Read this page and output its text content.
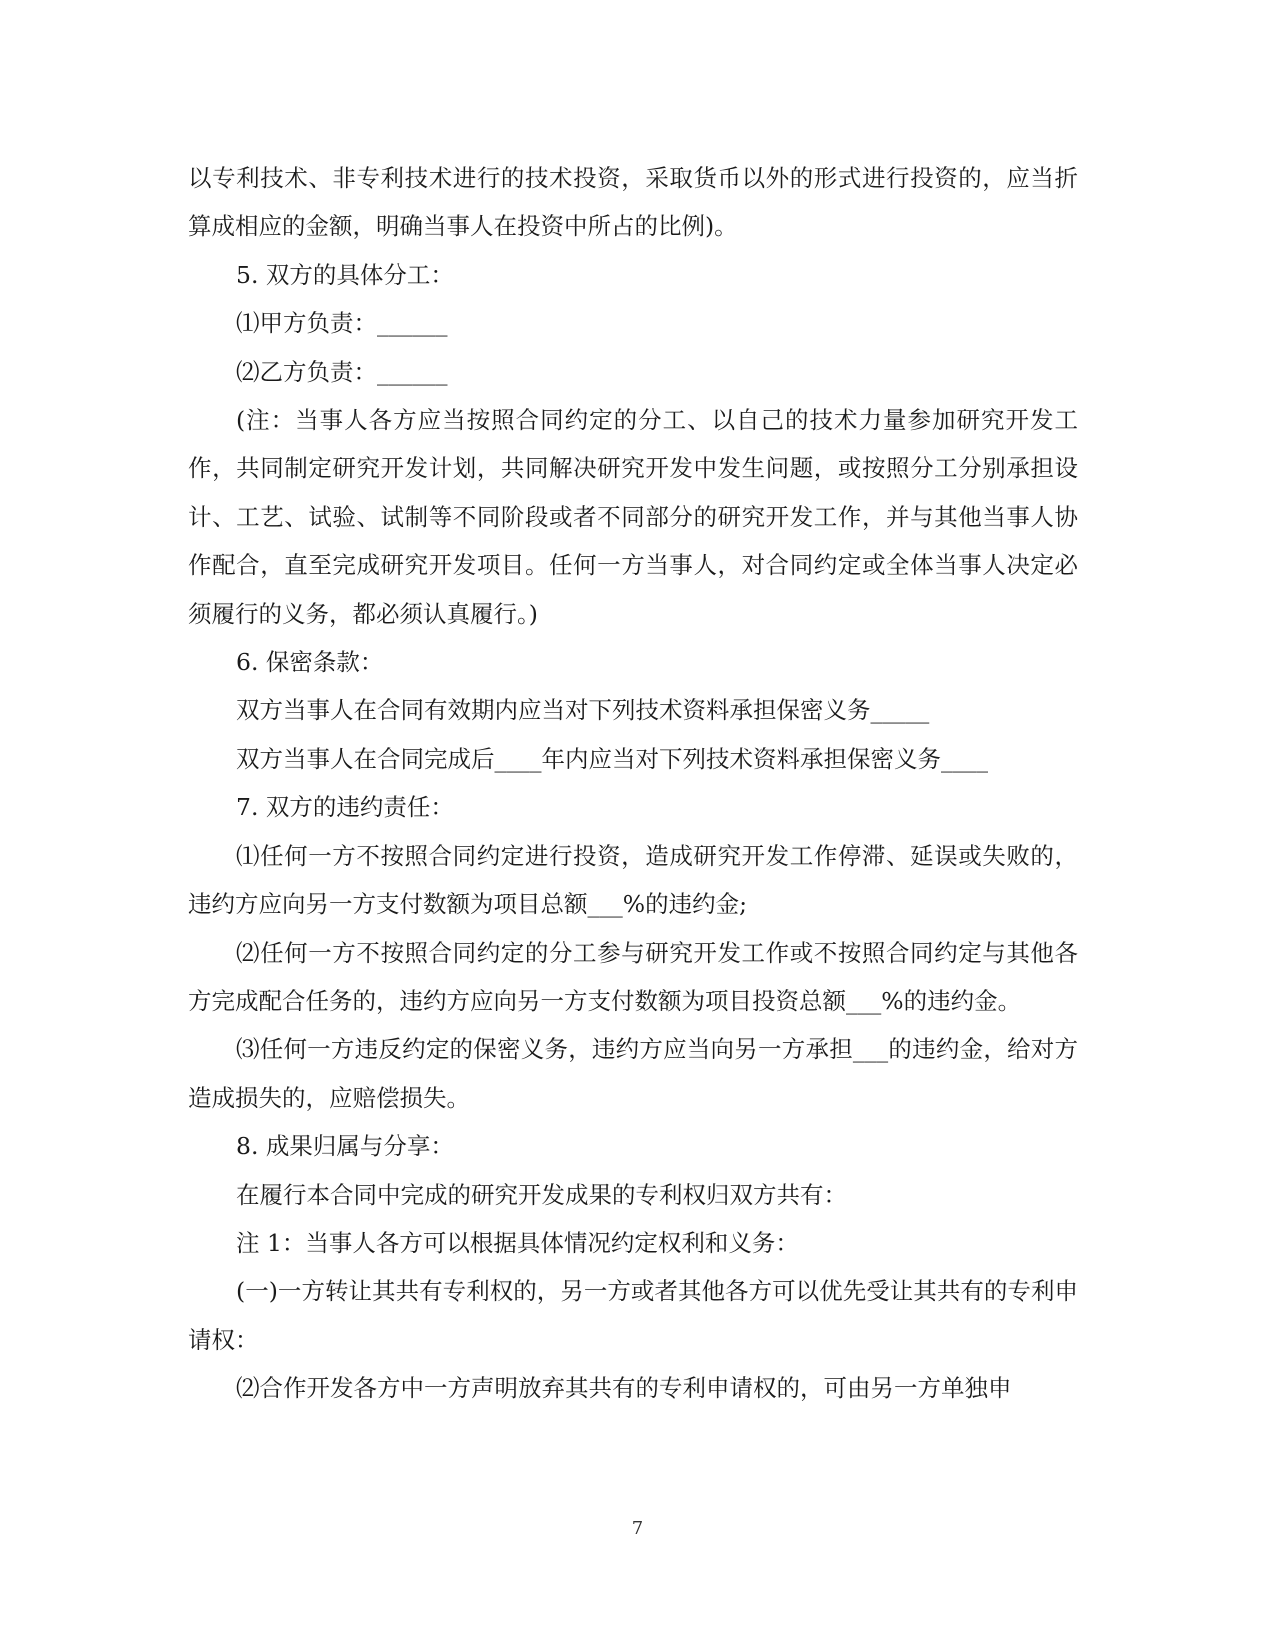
以专利技术、非专利技术进行的技术投资，采取货币以外的形式进行投资的，应当折算成相应的金额，明确当事人在投资中所占的比例)。

5. 双方的具体分工：

⑴甲方负责：______

⑵乙方负责：______

(注：当事人各方应当按照合同约定的分工、以自己的技术力量参加研究开发工作，共同制定研究开发计划，共同解决研究开发中发生问题，或按照分工分别承担设计、工艺、试验、试制等不同阶段或者不同部分的研究开发工作，并与其他当事人协作配合，直至完成研究开发项目。任何一方当事人，对合同约定或全体当事人决定必须履行的义务，都必须认真履行。)

6. 保密条款：

双方当事人在合同有效期内应当对下列技术资料承担保密义务_____

双方当事人在合同完成后____年内应当对下列技术资料承担保密义务____

7. 双方的违约责任：

⑴任何一方不按照合同约定进行投资，造成研究开发工作停滞、延误或失败的，违约方应向另一方支付数额为项目总额___%的违约金;

⑵任何一方不按照合同约定的分工参与研究开发工作或不按照合同约定与其他各方完成配合任务的，违约方应向另一方支付数额为项目投资总额___%的违约金。

⑶任何一方违反约定的保密义务，违约方应当向另一方承担___的违约金，给对方造成损失的，应赔偿损失。

8. 成果归属与分享：

在履行本合同中完成的研究开发成果的专利权归双方共有：

注 1：当事人各方可以根据具体情况约定权利和义务：

(一)一方转让其共有专利权的，另一方或者其他各方可以优先受让其共有的专利申请权：

⑵合作开发各方中一方声明放弃其共有的专利申请权的，可由另一方单独申

7
